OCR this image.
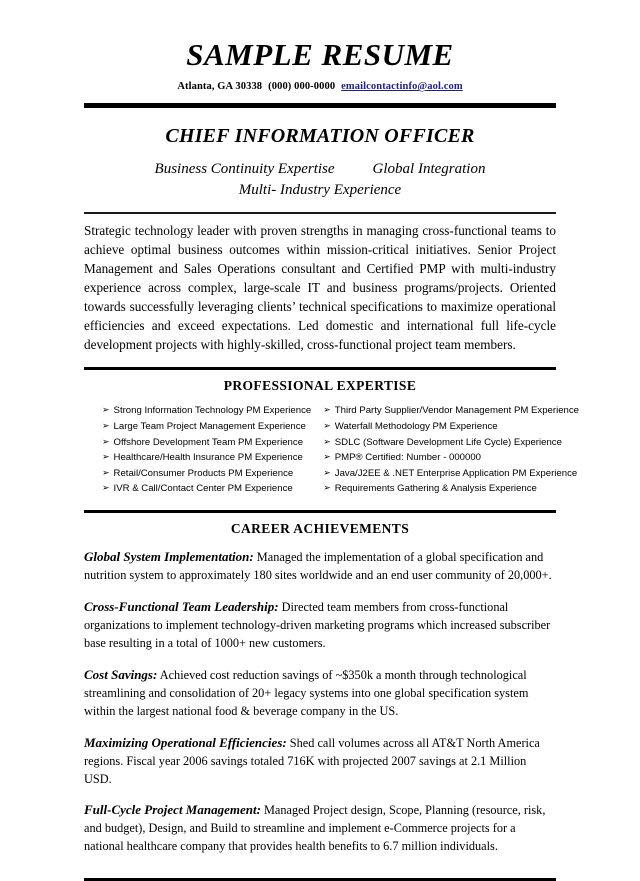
SAMPLE RESUME
Atlanta, GA 30338 (000) 000-0000 emailcontactinfo@aol.com
CHIEF INFORMATION OFFICER
Business Continuity Expertise	Global Integration
Multi- Industry Experience
Strategic technology leader with proven strengths in managing cross-functional teams to achieve optimal business outcomes within mission-critical initiatives. Senior Project Management and Sales Operations consultant and Certified PMP with multi-industry experience across complex, large-scale IT and business programs/projects. Oriented towards successfully leveraging clients’ technical specifications to maximize operational efficiencies and exceed expectations. Led domestic and international full life-cycle development projects with highly-skilled, cross-functional project team members.
PROFESSIONAL EXPERTISE
➢ Strong Information Technology PM Experience
➢ Large Team Project Management Experience
➢ Offshore Development Team PM Experience
➢ Healthcare/Health Insurance PM Experience
➢ Retail/Consumer Products PM Experience
➢ IVR & Call/Contact Center PM Experience
➢ Third Party Supplier/Vendor Management PM Experience
➢ Waterfall Methodology PM Experience
➢ SDLC (Software Development Life Cycle) Experience
➢ PMP® Certified: Number - 000000
➢ Java/J2EE & .NET Enterprise Application PM Experience
➢ Requirements Gathering & Analysis Experience
CAREER ACHIEVEMENTS
Global System Implementation: Managed the implementation of a global specification and nutrition system to approximately 180 sites worldwide and an end user community of 20,000+.
Cross-Functional Team Leadership: Directed team members from cross-functional organizations to implement technology-driven marketing programs which increased subscriber base resulting in a total of 1000+ new customers.
Cost Savings: Achieved cost reduction savings of ~$350k a month through technological streamlining and consolidation of 20+ legacy systems into one global specification system within the largest national food & beverage company in the US.
Maximizing Operational Efficiencies: Shed call volumes across all AT&T North America regions. Fiscal year 2006 savings totaled 716K with projected 2007 savings at 2.1 Million USD.
Full-Cycle Project Management: Managed Project design, Scope, Planning (resource, risk, and budget), Design, and Build to streamline and implement e-Commerce projects for a national healthcare company that provides health benefits to 6.7 million individuals.
